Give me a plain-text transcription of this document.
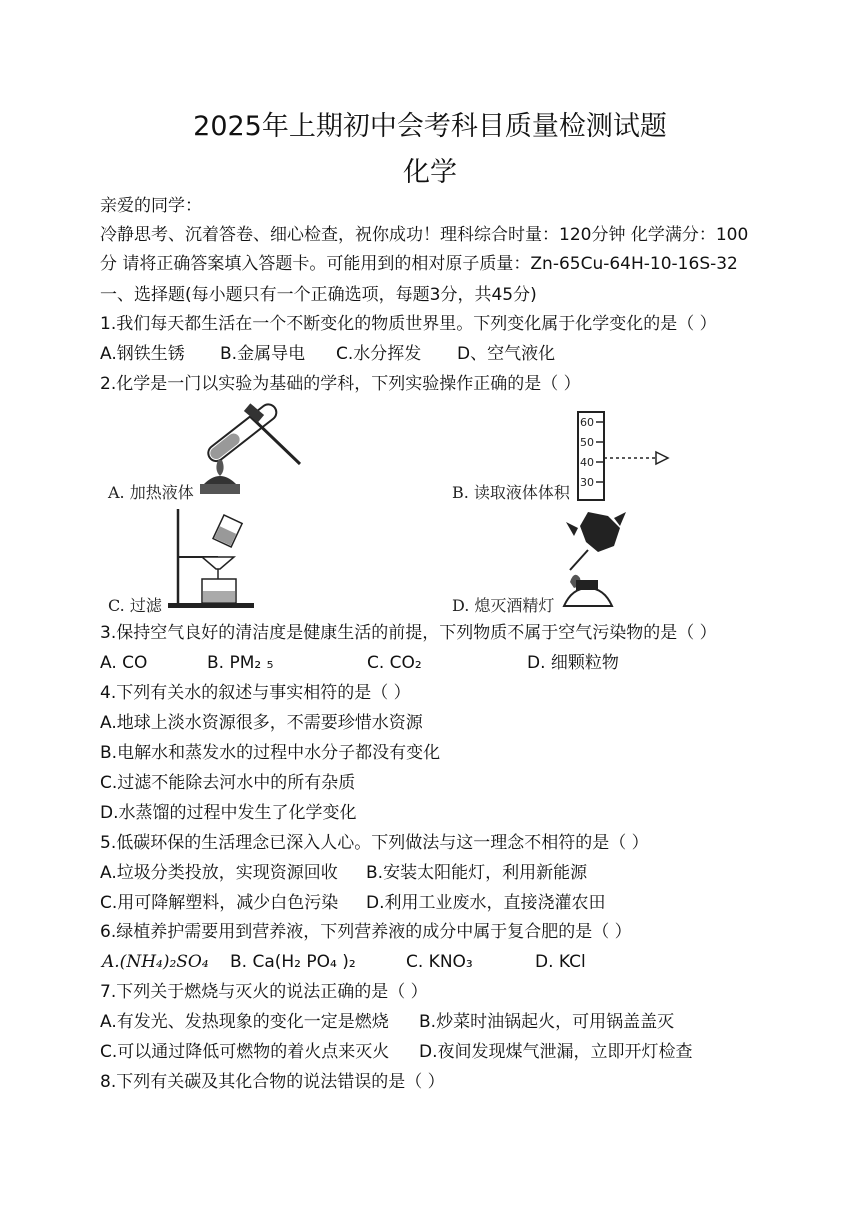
2025年上期初中会考科目质量检测试题
化学
亲爱的同学：
冷静思考、沉着答卷、细心检查，祝你成功！理科综合时量：120分钟 化学满分：100
分 请将正确答案填入答题卡。可能用到的相对原子质量：Zn-65Cu-64H-10-16S-32
一、选择题(每小题只有一个正确选项，每题3分，共45分)
1.我们每天都生活在一个不断变化的物质世界里。下列变化属于化学变化的是（ ）
A.钢铁生锈 B.金属导电 C.水分挥发 D、空气液化
2.化学是一门以实验为基础的学科，下列实验操作正确的是（ ）
A. 加热液体
60
50
40
30
B. 读取液体体积
C. 过滤	D. 熄灭酒精灯
3.保持空气良好的清洁度是健康生活的前提，下列物质不属于空气污染物的是（ ）
A. CO	B. PM₂ ₅	C. CO₂	D. 细颗粒物
4.下列有关水的叙述与事实相符的是（ ）
A.地球上淡水资源很多，不需要珍惜水资源
B.电解水和蒸发水的过程中水分子都没有变化
C.过滤不能除去河水中的所有杂质
D.水蒸馏的过程中发生了化学变化
5.低碳环保的生活理念已深入人心。下列做法与这一理念不相符的是（ ）
A.垃圾分类投放，实现资源回收 B.安装太阳能灯，利用新能源
C.用可降解塑料，减少白色污染 D.利用工业废水，直接浇灌农田
6.绿植养护需要用到营养液，下列营养液的成分中属于复合肥的是（ ）
A.(NH₄)₂SO₄ B. Ca(H₂ PO₄ )₂	C. KNO₃	D. KCl
7.下列关于燃烧与灭火的说法正确的是（ ）
A.有发光、发热现象的变化一定是燃烧 B.炒菜时油锅起火，可用锅盖盖灭
C.可以通过降低可燃物的着火点来灭火 D.夜间发现煤气泄漏，立即开灯检查
8.下列有关碳及其化合物的说法错误的是（ ）
